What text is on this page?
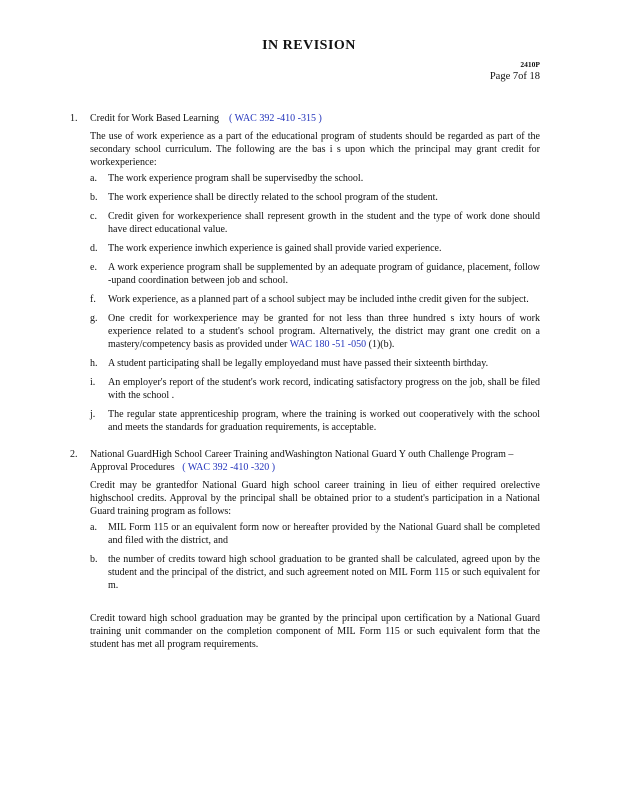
IN REVISION
2410P
Page 7of 18
1. Credit for Work Based Learning ( WAC 392 -410 -315 )
The use of work experience as a part of the educational program of students should be regarded as part of the secondary school curriculum. The following are the bas i s upon which the principal may grant credit for workexperience:
a. The work experience program shall be supervisedby the school.
b. The work experience shall be directly related to the school program of the student.
c. Credit given for workexperience shall represent growth in the student and the type of work done should have direct educational value.
d. The work experience inwhich experience is gained shall provide varied experience.
e. A work experience program shall be supplemented by an adequate program of guidance, placement, follow -upand coordination between job and school.
f. Work experience, as a planned part of a school subject may be included inthe credit given for the subject.
g. One credit for workexperience may be granted for not less than three hundred s ixty hours of work experience related to a student's school program. Alternatively, the district may grant one credit on a mastery/competency basis as provided under WAC 180 -51 -050 (1)(b).
h. A student participating shall be legally employedand must have passed their sixteenth birthday.
i. An employer's report of the student's work record, indicating satisfactory progress on the job, shall be filed with the school .
j. The regular state apprenticeship program, where the training is worked out cooperatively with the school and meets the standards for graduation requirements, is acceptable.
2. National GuardHigh School Career Training andWashington National Guard Y outh Challenge Program –Approval Procedures ( WAC 392 -410 -320 )
Credit may be grantedfor National Guard high school career training in lieu of either required orelective highschool credits. Approval by the principal shall be obtained prior to a student's participation in a National Guard training program as follows:
a. MIL Form 115 or an equivalent form now or hereafter provided by the National Guard shall be completed and filed with the district, and
b. the number of credits toward high school graduation to be granted shall be calculated, agreed upon by the student and the principal of the district, and such agreement noted on MIL Form 115 or such equivalent for m.
Credit toward high school graduation may be granted by the principal upon certification by a National Guard training unit commander on the completion component of MIL Form 115 or such equivalent form that the student has met all program requirements.
